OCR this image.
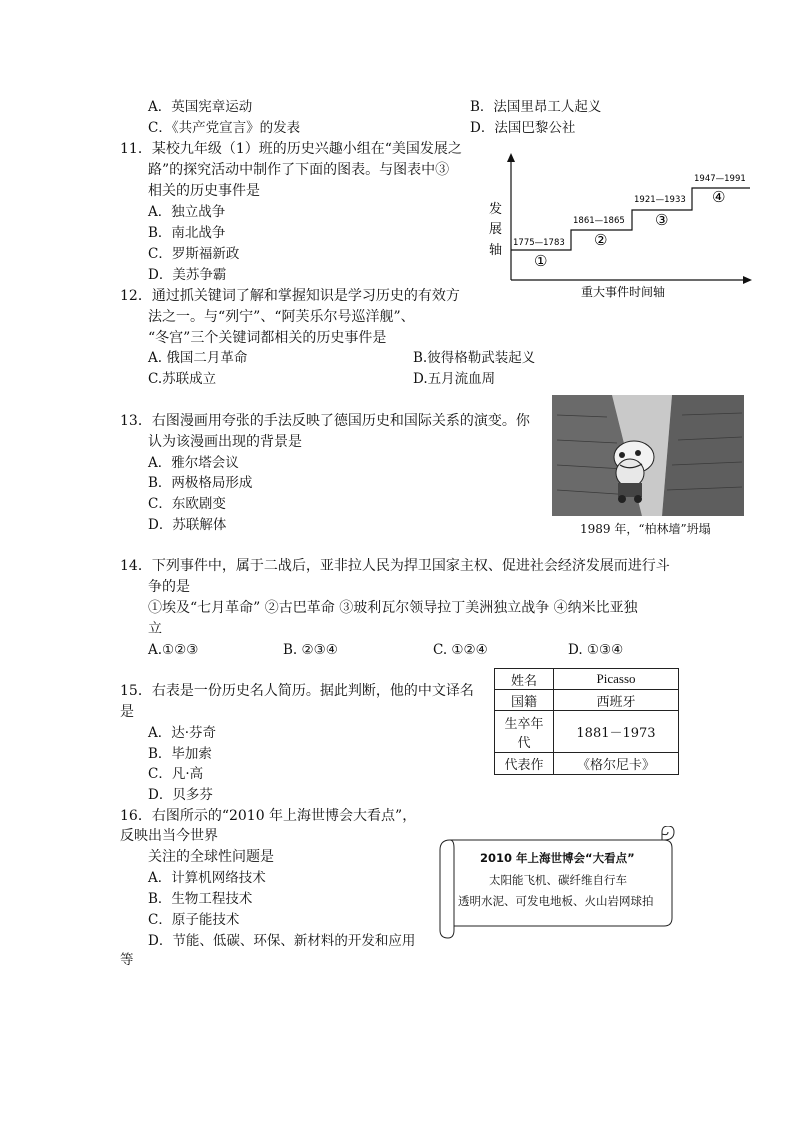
A．英国宪章运动	B．法国里昂工人起义
C．《共产党宣言》的发表	D．法国巴黎公社
11．某校九年级（1）班的历史兴趣小组在“美国发展之
路”的探究活动中制作了下面的图表。与图表中③
相关的历史事件是
A．独立战争
B．南北战争
C．罗斯福新政
D．美苏争霸
发
展
轴 1775—1783
1861—1865
1921—1933
1947—1991
①
②
③
④
重大事件时间轴
12．通过抓关键词了解和掌握知识是学习历史的有效方
法之一。与“列宁”、“阿芙乐尔号巡洋舰”、
“冬宫”三个关键词都相关的历史事件是
A. 俄国二月革命	B.彼得格勒武装起义
C.苏联成立	D.五月流血周
13．右图漫画用夸张的手法反映了德国历史和国际关系的演变。你
认为该漫画出现的背景是
A．雅尔塔会议
B．两极格局形成
C．东欧剧变
D．苏联解体	1989 年，“柏林墙”坍塌
14．下列事件中，属于二战后，亚非拉人民为捍卫国家主权、促进社会经济发展而进行斗
争的是
①埃及“七月革命” ②古巴革命 ③玻利瓦尔领导拉丁美洲独立战争 ④纳米比亚独
立
A.①②③	B. ②③④	C. ①②④	D. ①③④
15．右表是一份历史名人简历。据此判断，他的中文译名
是
A．达·芬奇
B．毕加索
C．凡·高
D．贝多芬
姓名	Picasso
国籍	西班牙
生卒年
代	1881－1973
代表作	《格尔尼卡》
16．右图所示的“2010 年上海世博会大看点”，
反映出当今世界
关注的全球性问题是
A．计算机网络技术
B．生物工程技术
C．原子能技术
D．节能、低碳、环保、新材料的开发和应用
等
2010 年上海世博会“大看点”
太阳能飞机、碳纤维自行车
透明水泥、可发电地板、火山岩网球拍
